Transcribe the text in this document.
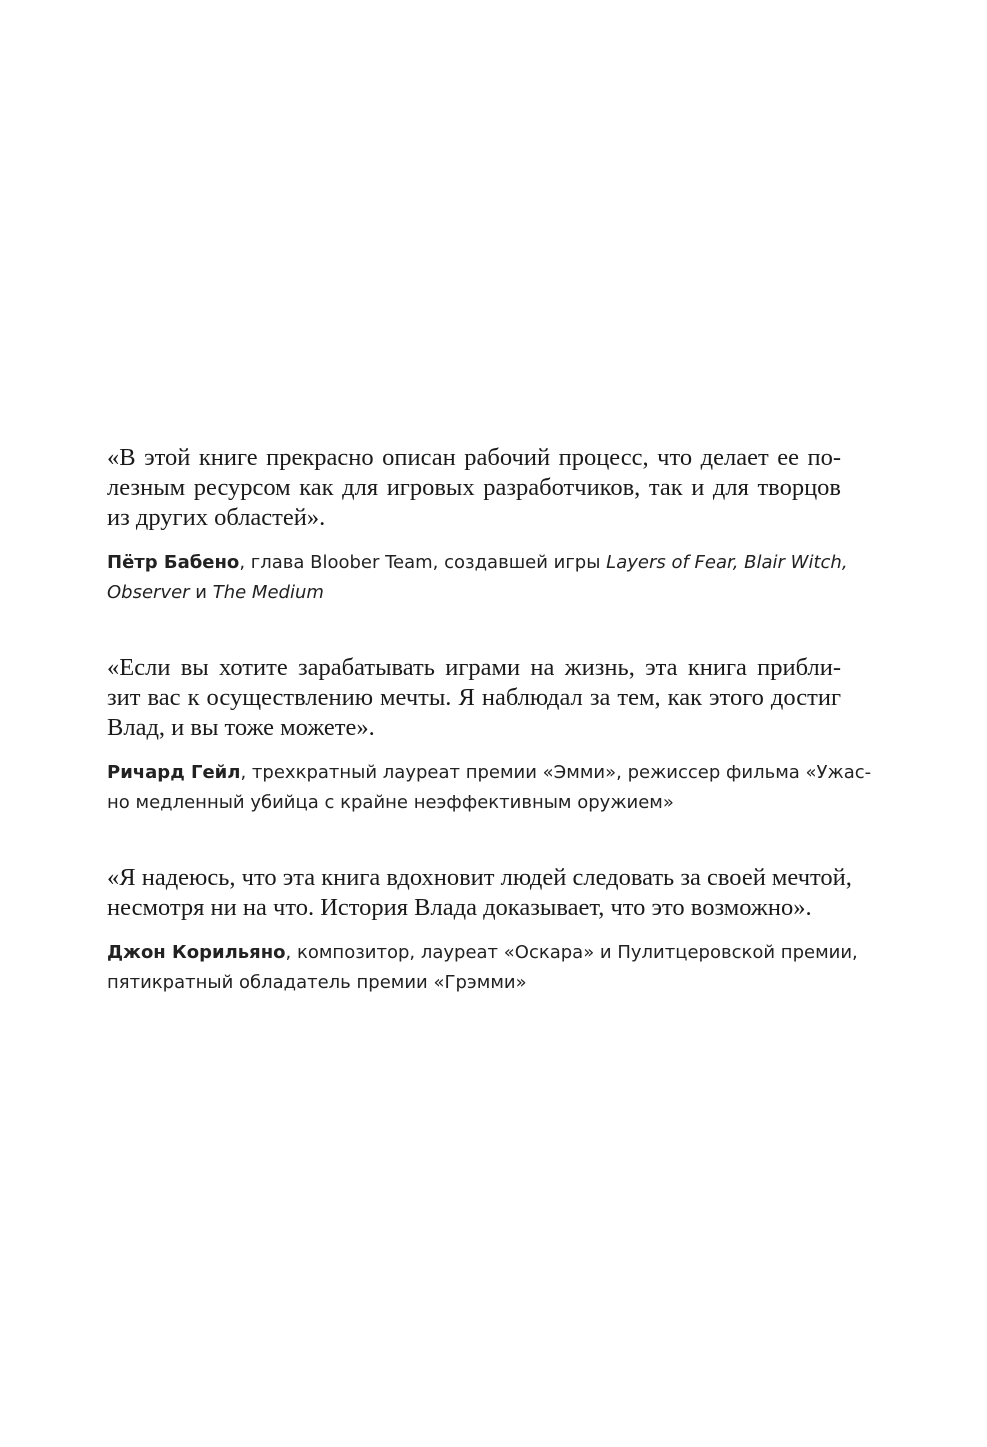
«В этой книге прекрасно описан рабочий процесс, что делает ее по-
лезным ресурсом как для игровых разработчиков, так и для творцов
из других областей».
Пётр Бабено, глава Bloober Team, создавшей игры Layers of Fear, Blair Witch,
Observer и The Medium
«Если вы хотите зарабатывать играми на жизнь, эта книга прибли-
зит вас к осуществлению мечты. Я наблюдал за тем, как этого достиг
Влад, и вы тоже можете».
Ричард Гейл, трехкратный лауреат премии «Эмми», режиссер фильма «Ужас-
но медленный убийца с крайне неэффективным оружием»
«Я надеюсь, что эта книга вдохновит людей следовать за своей мечтой,
несмотря ни на что. История Влада доказывает, что это возможно».
Джон Корильяно, композитор, лауреат «Оскара» и Пулитцеровской премии,
пятикратный обладатель премии «Грэмми»
